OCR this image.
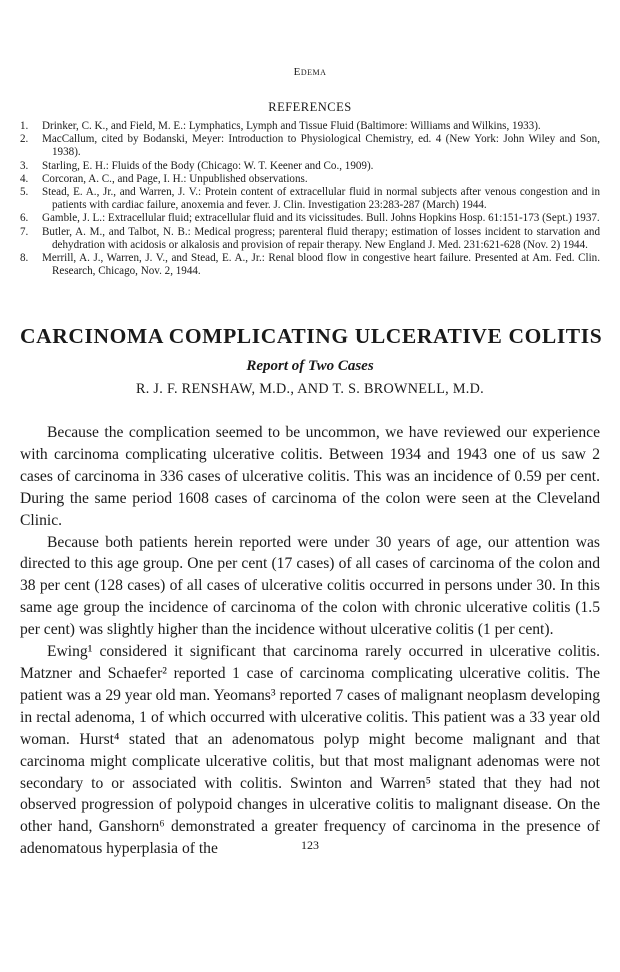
Edema
REFERENCES
1. Drinker, C. K., and Field, M. E.: Lymphatics, Lymph and Tissue Fluid (Baltimore: Williams and Wilkins, 1933).
2. MacCallum, cited by Bodanski, Meyer: Introduction to Physiological Chemistry, ed. 4 (New York: John Wiley and Son, 1938).
3. Starling, E. H.: Fluids of the Body (Chicago: W. T. Keener and Co., 1909).
4. Corcoran, A. C., and Page, I. H.: Unpublished observations.
5. Stead, E. A., Jr., and Warren, J. V.: Protein content of extracellular fluid in normal subjects after venous congestion and in patients with cardiac failure, anoxemia and fever. J. Clin. Investigation 23:283-287 (March) 1944.
6. Gamble, J. L.: Extracellular fluid; extracellular fluid and its vicissitudes. Bull. Johns Hopkins Hosp. 61:151-173 (Sept.) 1937.
7. Butler, A. M., and Talbot, N. B.: Medical progress; parenteral fluid therapy; estimation of losses incident to starvation and dehydration with acidosis or alkalosis and provision of repair therapy. New England J. Med. 231:621-628 (Nov. 2) 1944.
8. Merrill, A. J., Warren, J. V., and Stead, E. A., Jr.: Renal blood flow in congestive heart failure. Presented at Am. Fed. Clin. Research, Chicago, Nov. 2, 1944.
CARCINOMA COMPLICATING ULCERATIVE COLITIS
Report of Two Cases
R. J. F. RENSHAW, M.D., AND T. S. BROWNELL, M.D.

Because the complication seemed to be uncommon, we have reviewed our experience with carcinoma complicating ulcerative colitis. Between 1934 and 1943 one of us saw 2 cases of carcinoma in 336 cases of ulcerative colitis. This was an incidence of 0.59 per cent. During the same period 1608 cases of carcinoma of the colon were seen at the Cleveland Clinic.

Because both patients herein reported were under 30 years of age, our attention was directed to this age group. One per cent (17 cases) of all cases of carcinoma of the colon and 38 per cent (128 cases) of all cases of ulcerative colitis occurred in persons under 30. In this same age group the incidence of carcinoma of the colon with chronic ulcerative colitis (1.5 per cent) was slightly higher than the incidence without ulcerative colitis (1 per cent).

Ewing¹ considered it significant that carcinoma rarely occurred in ulcerative colitis. Matzner and Schaefer² reported 1 case of carcinoma complicating ulcerative colitis. The patient was a 29 year old man. Yeomans³ reported 7 cases of malignant neoplasm developing in rectal adenoma, 1 of which occurred with ulcerative colitis. This patient was a 33 year old woman. Hurst⁴ stated that an adenomatous polyp might become malignant and that carcinoma might complicate ulcerative colitis, but that most malignant adenomas were not secondary to or associated with colitis. Swinton and Warren⁵ stated that they had not observed progression of polypoid changes in ulcerative colitis to malignant disease. On the other hand, Ganshorn⁶ demonstrated a greater frequency of carcinoma in the presence of adenomatous hyperplasia of the	123
